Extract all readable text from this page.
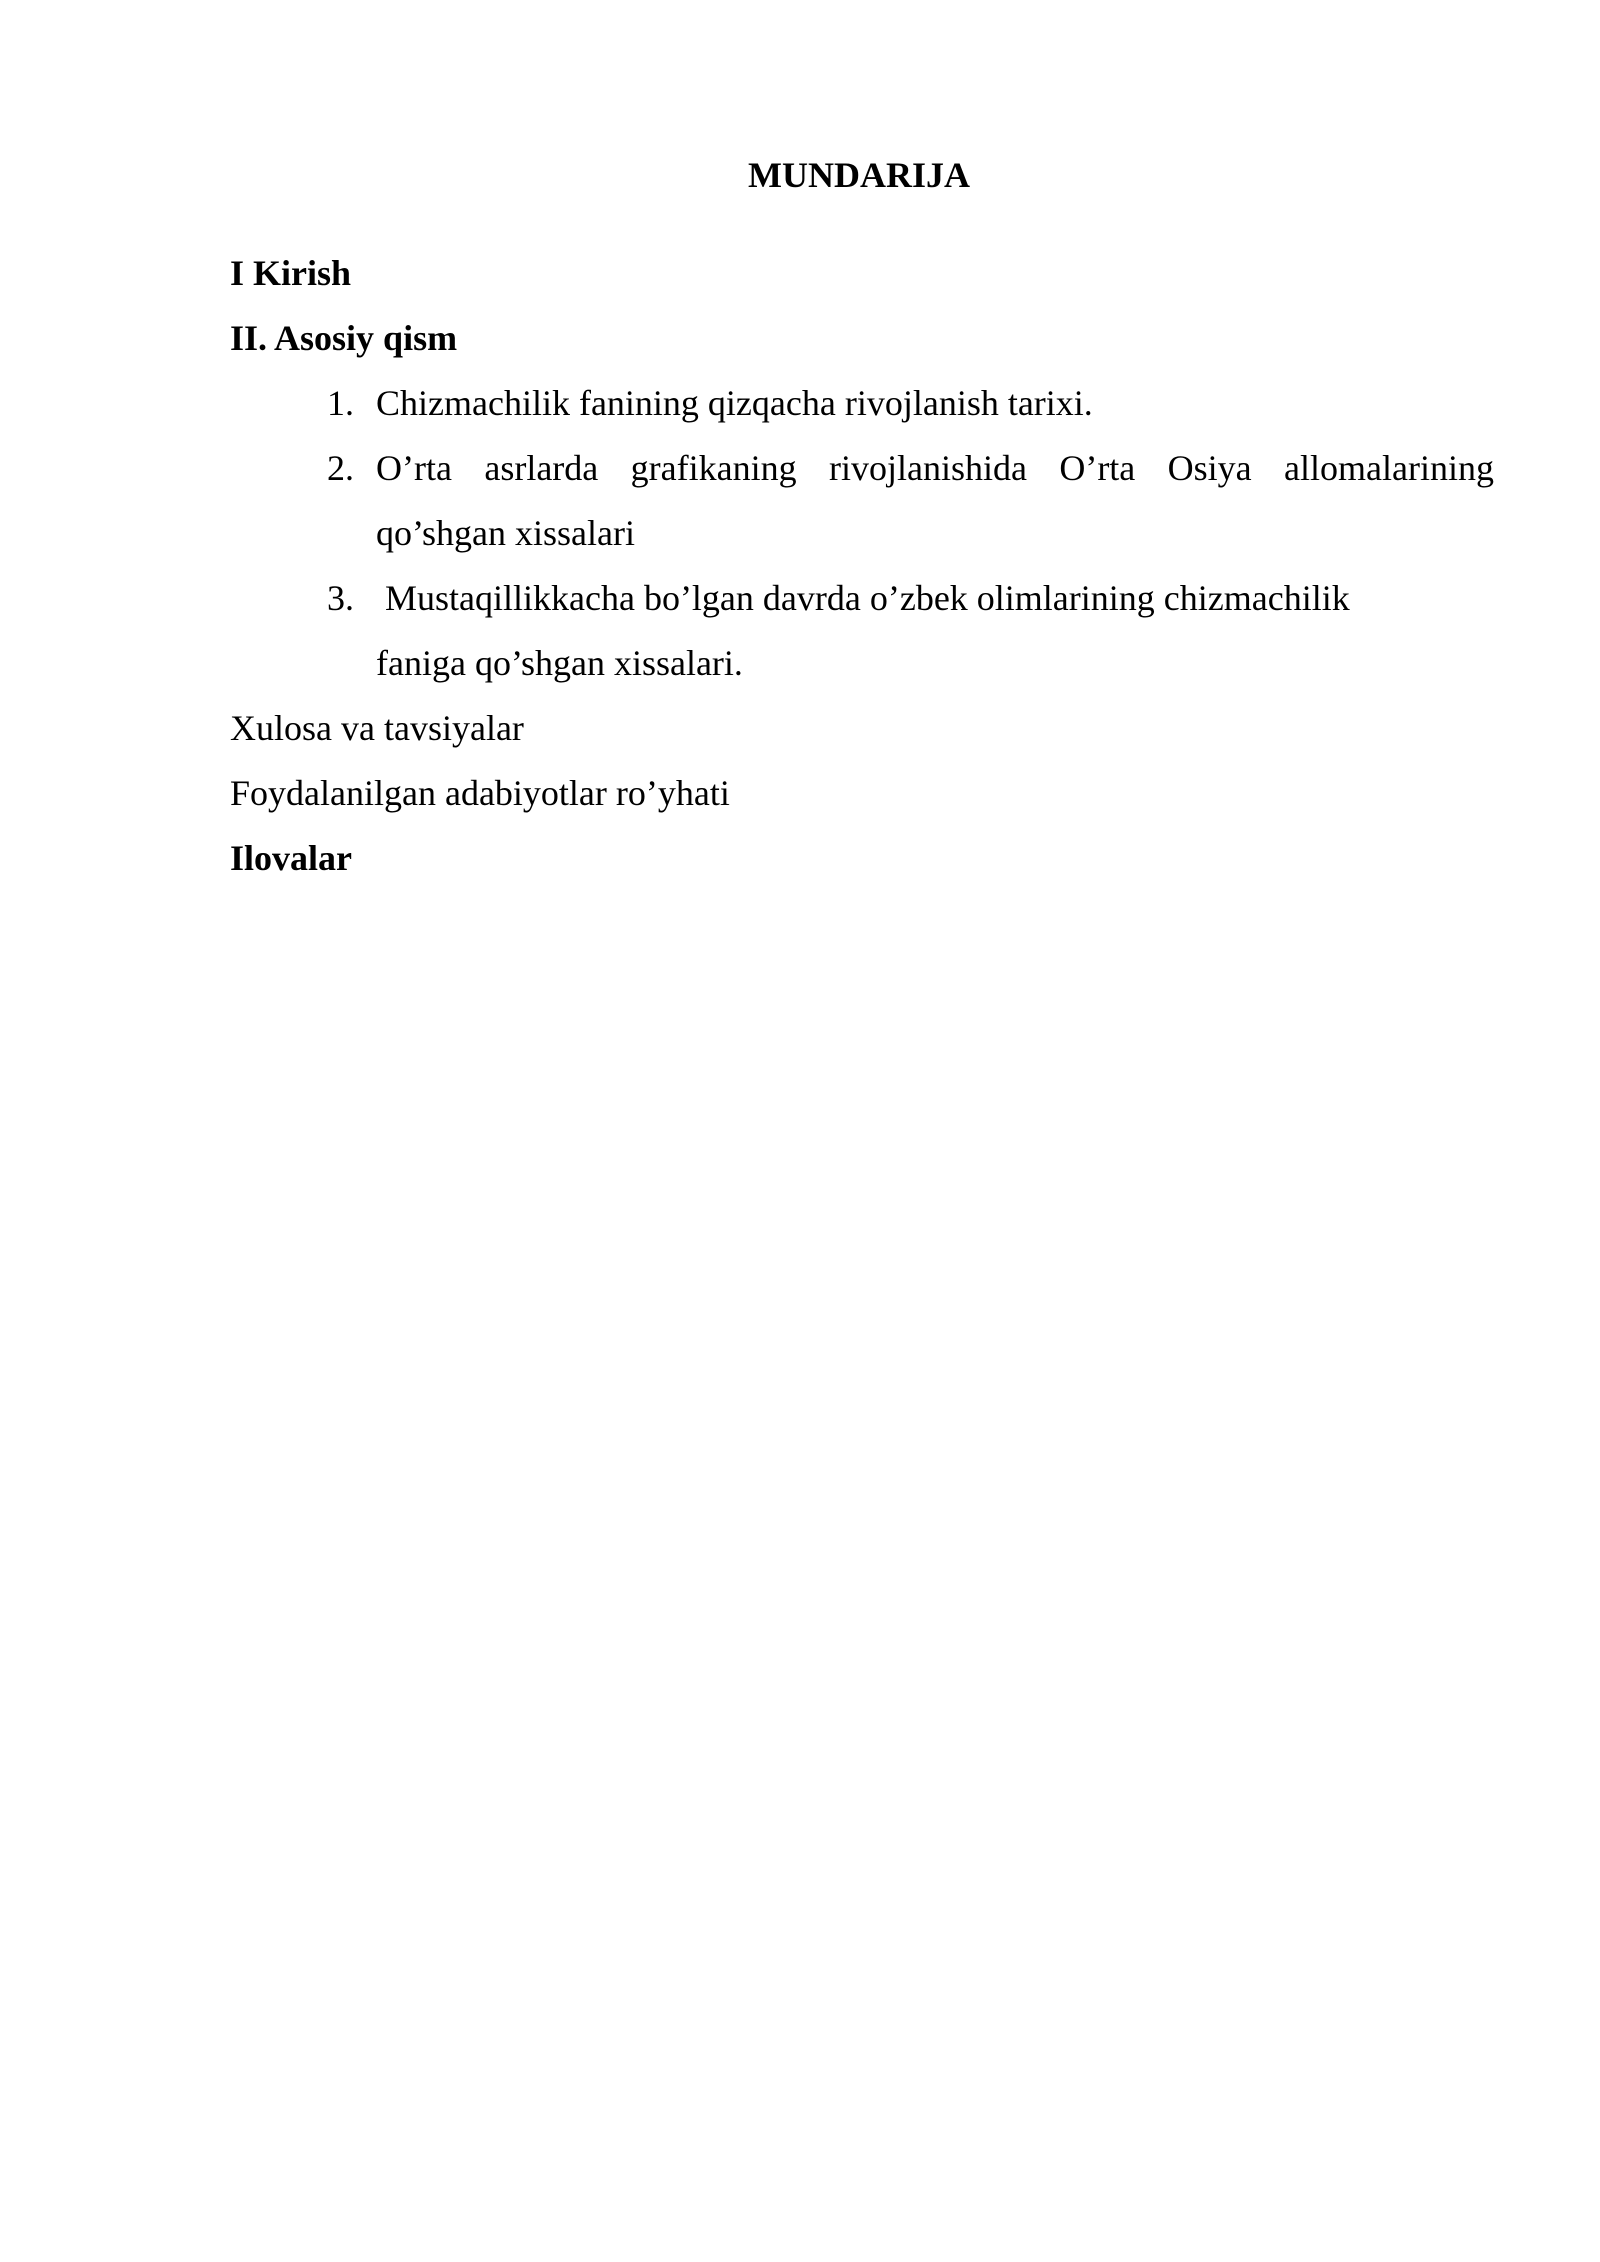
MUNDARIJA

I Kirish

II. Asosiy qism

1. Chizmachilik fanining qizqacha rivojlanish tarixi.
2. O’rta asrlarda grafikaning rivojlanishida O’rta Osiya allomalarining
qo’shgan xissalari
3. Mustaqillikkacha bo’lgan davrda o’zbek olimlarining chizmachilik
faniga qo’shgan xissalari.

Xulosa va tavsiyalar

Foydalanilgan adabiyotlar ro’yhati

Ilovalar
